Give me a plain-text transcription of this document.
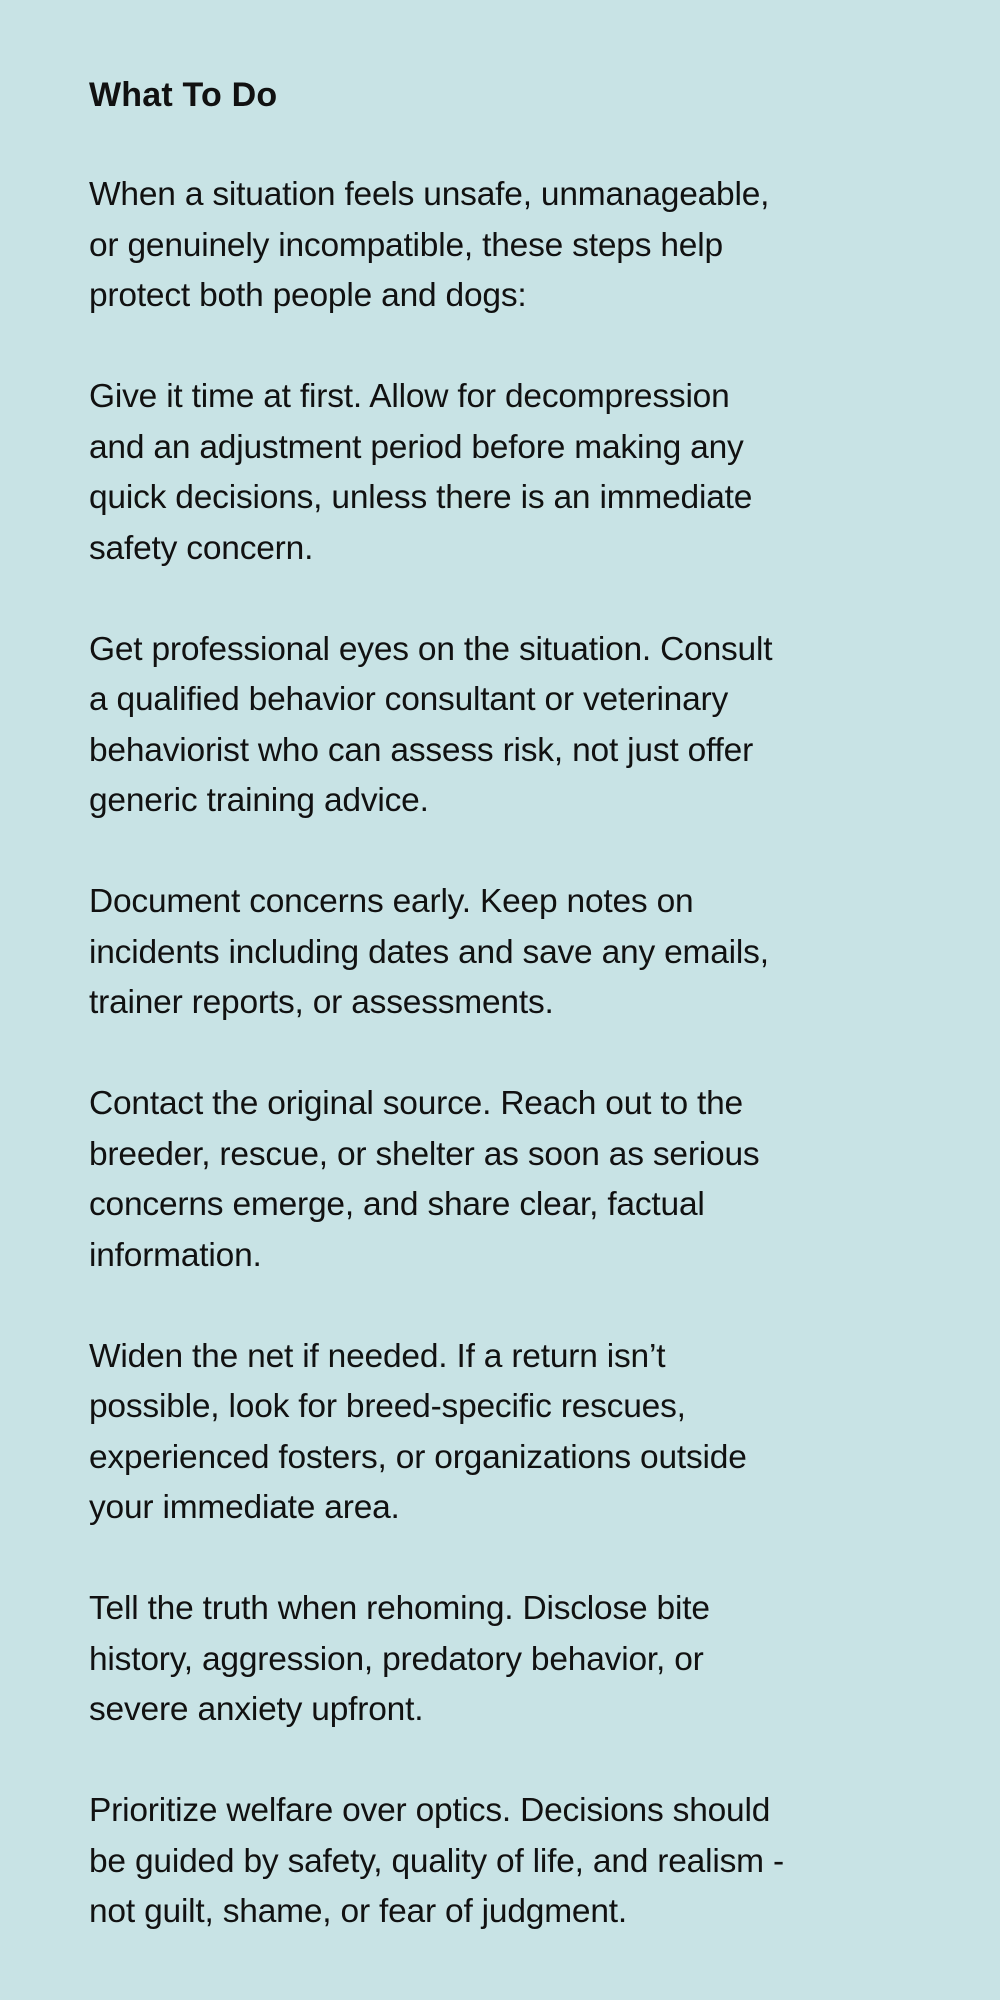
What To Do
When a situation feels unsafe, unmanageable,
or genuinely incompatible, these steps help
protect both people and dogs:
Give it time at first. Allow for decompression
and an adjustment period before making any
quick decisions, unless there is an immediate
safety concern.
Get professional eyes on the situation. Consult
a qualified behavior consultant or veterinary
behaviorist who can assess risk, not just offer
generic training advice.
Document concerns early. Keep notes on
incidents including dates and save any emails,
trainer reports, or assessments.
Contact the original source. Reach out to the
breeder, rescue, or shelter as soon as serious
concerns emerge, and share clear, factual
information.
Widen the net if needed. If a return isn’t
possible, look for breed-specific rescues,
experienced fosters, or organizations outside
your immediate area.
Tell the truth when rehoming. Disclose bite
history, aggression, predatory behavior, or
severe anxiety upfront.
Prioritize welfare over optics. Decisions should
be guided by safety, quality of life, and realism -
not guilt, shame, or fear of judgment.
